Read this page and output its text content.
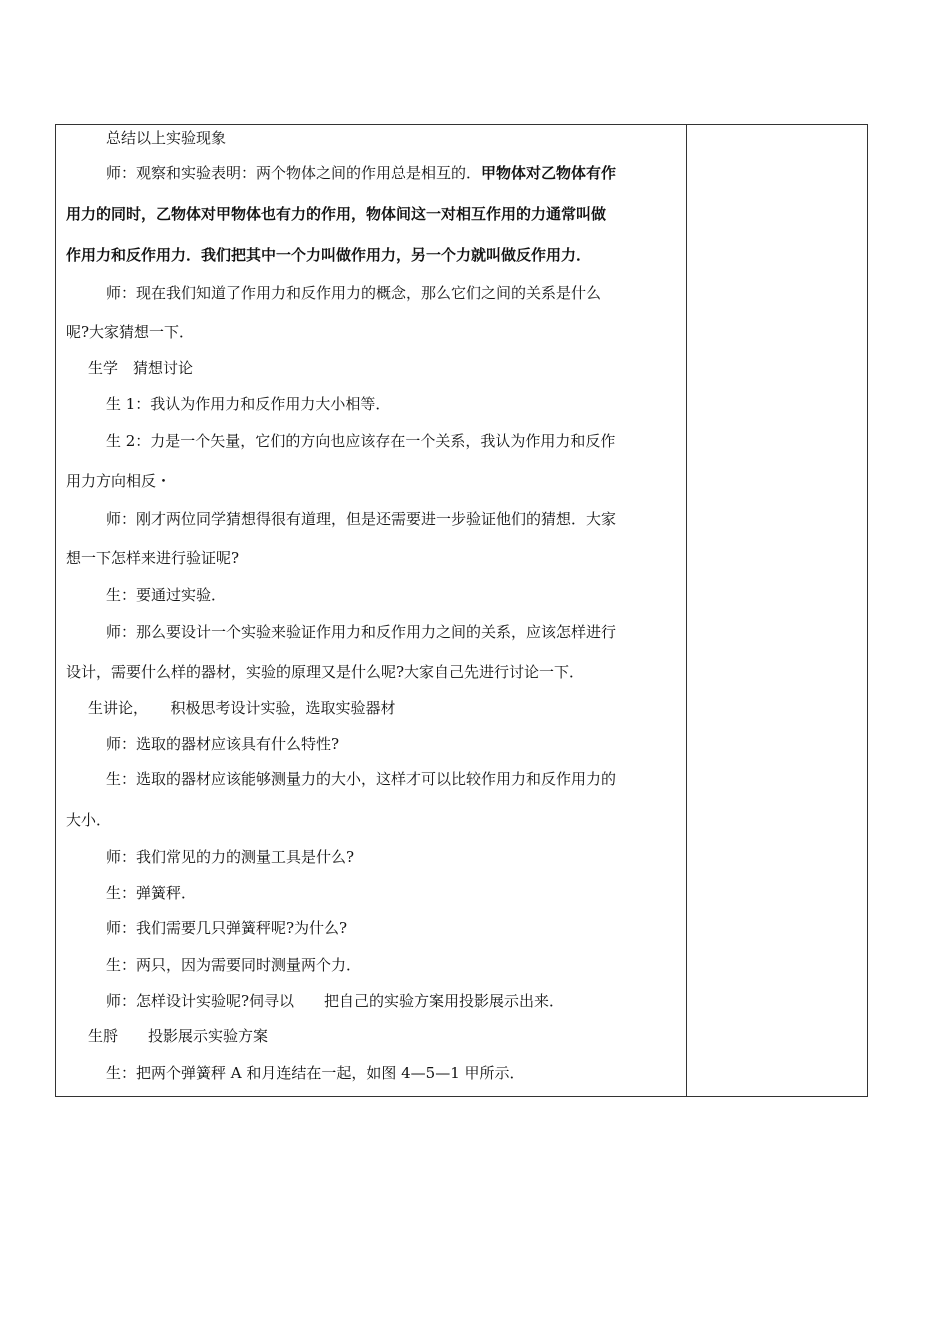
总结以上实验现象
师：观察和实验表明：两个物体之间的作用总是相互的．甲物体对乙物体有作
用力的同时，乙物体对甲物体也有力的作用，物体间这一对相互作用的力通常叫做
作用力和反作用力．我们把其中一个力叫做作用力，另一个力就叫做反作用力．
师：现在我们知道了作用力和反作用力的概念，那么它们之间的关系是什么
呢?大家猜想一下．
生学　猜想讨论
生 1：我认为作用力和反作用力大小相等．
生 2：力是一个矢量，它们的方向也应该存在一个关系，我认为作用力和反作
用力方向相反・
师：刚才两位同学猜想得很有道理，但是还需要进一步验证他们的猜想．大家
想一下怎样来进行验证呢?
生：要通过实验．
师：那么要设计一个实验来验证作用力和反作用力之间的关系，应该怎样进行
设计，需要什么样的器材，实验的原理又是什么呢?大家自己先进行讨论一下．
生讲论，　　积极思考设计实验，选取实验器材
师：选取的器材应该具有什么特性?
生：选取的器材应该能够测量力的大小，这样才可以比较作用力和反作用力的
大小．
师：我们常见的力的测量工具是什么?
生：弹簧秤．
师：我们需要几只弹簧秤呢?为什么?
生：两只，因为需要同时测量两个力．
师：怎样设计实验呢?伺寻以　　把自己的实验方案用投影展示出来．
生脟　　投影展示实验方案
生：把两个弹簧秤 A 和月连结在一起，如图 4—5—1 甲所示．
